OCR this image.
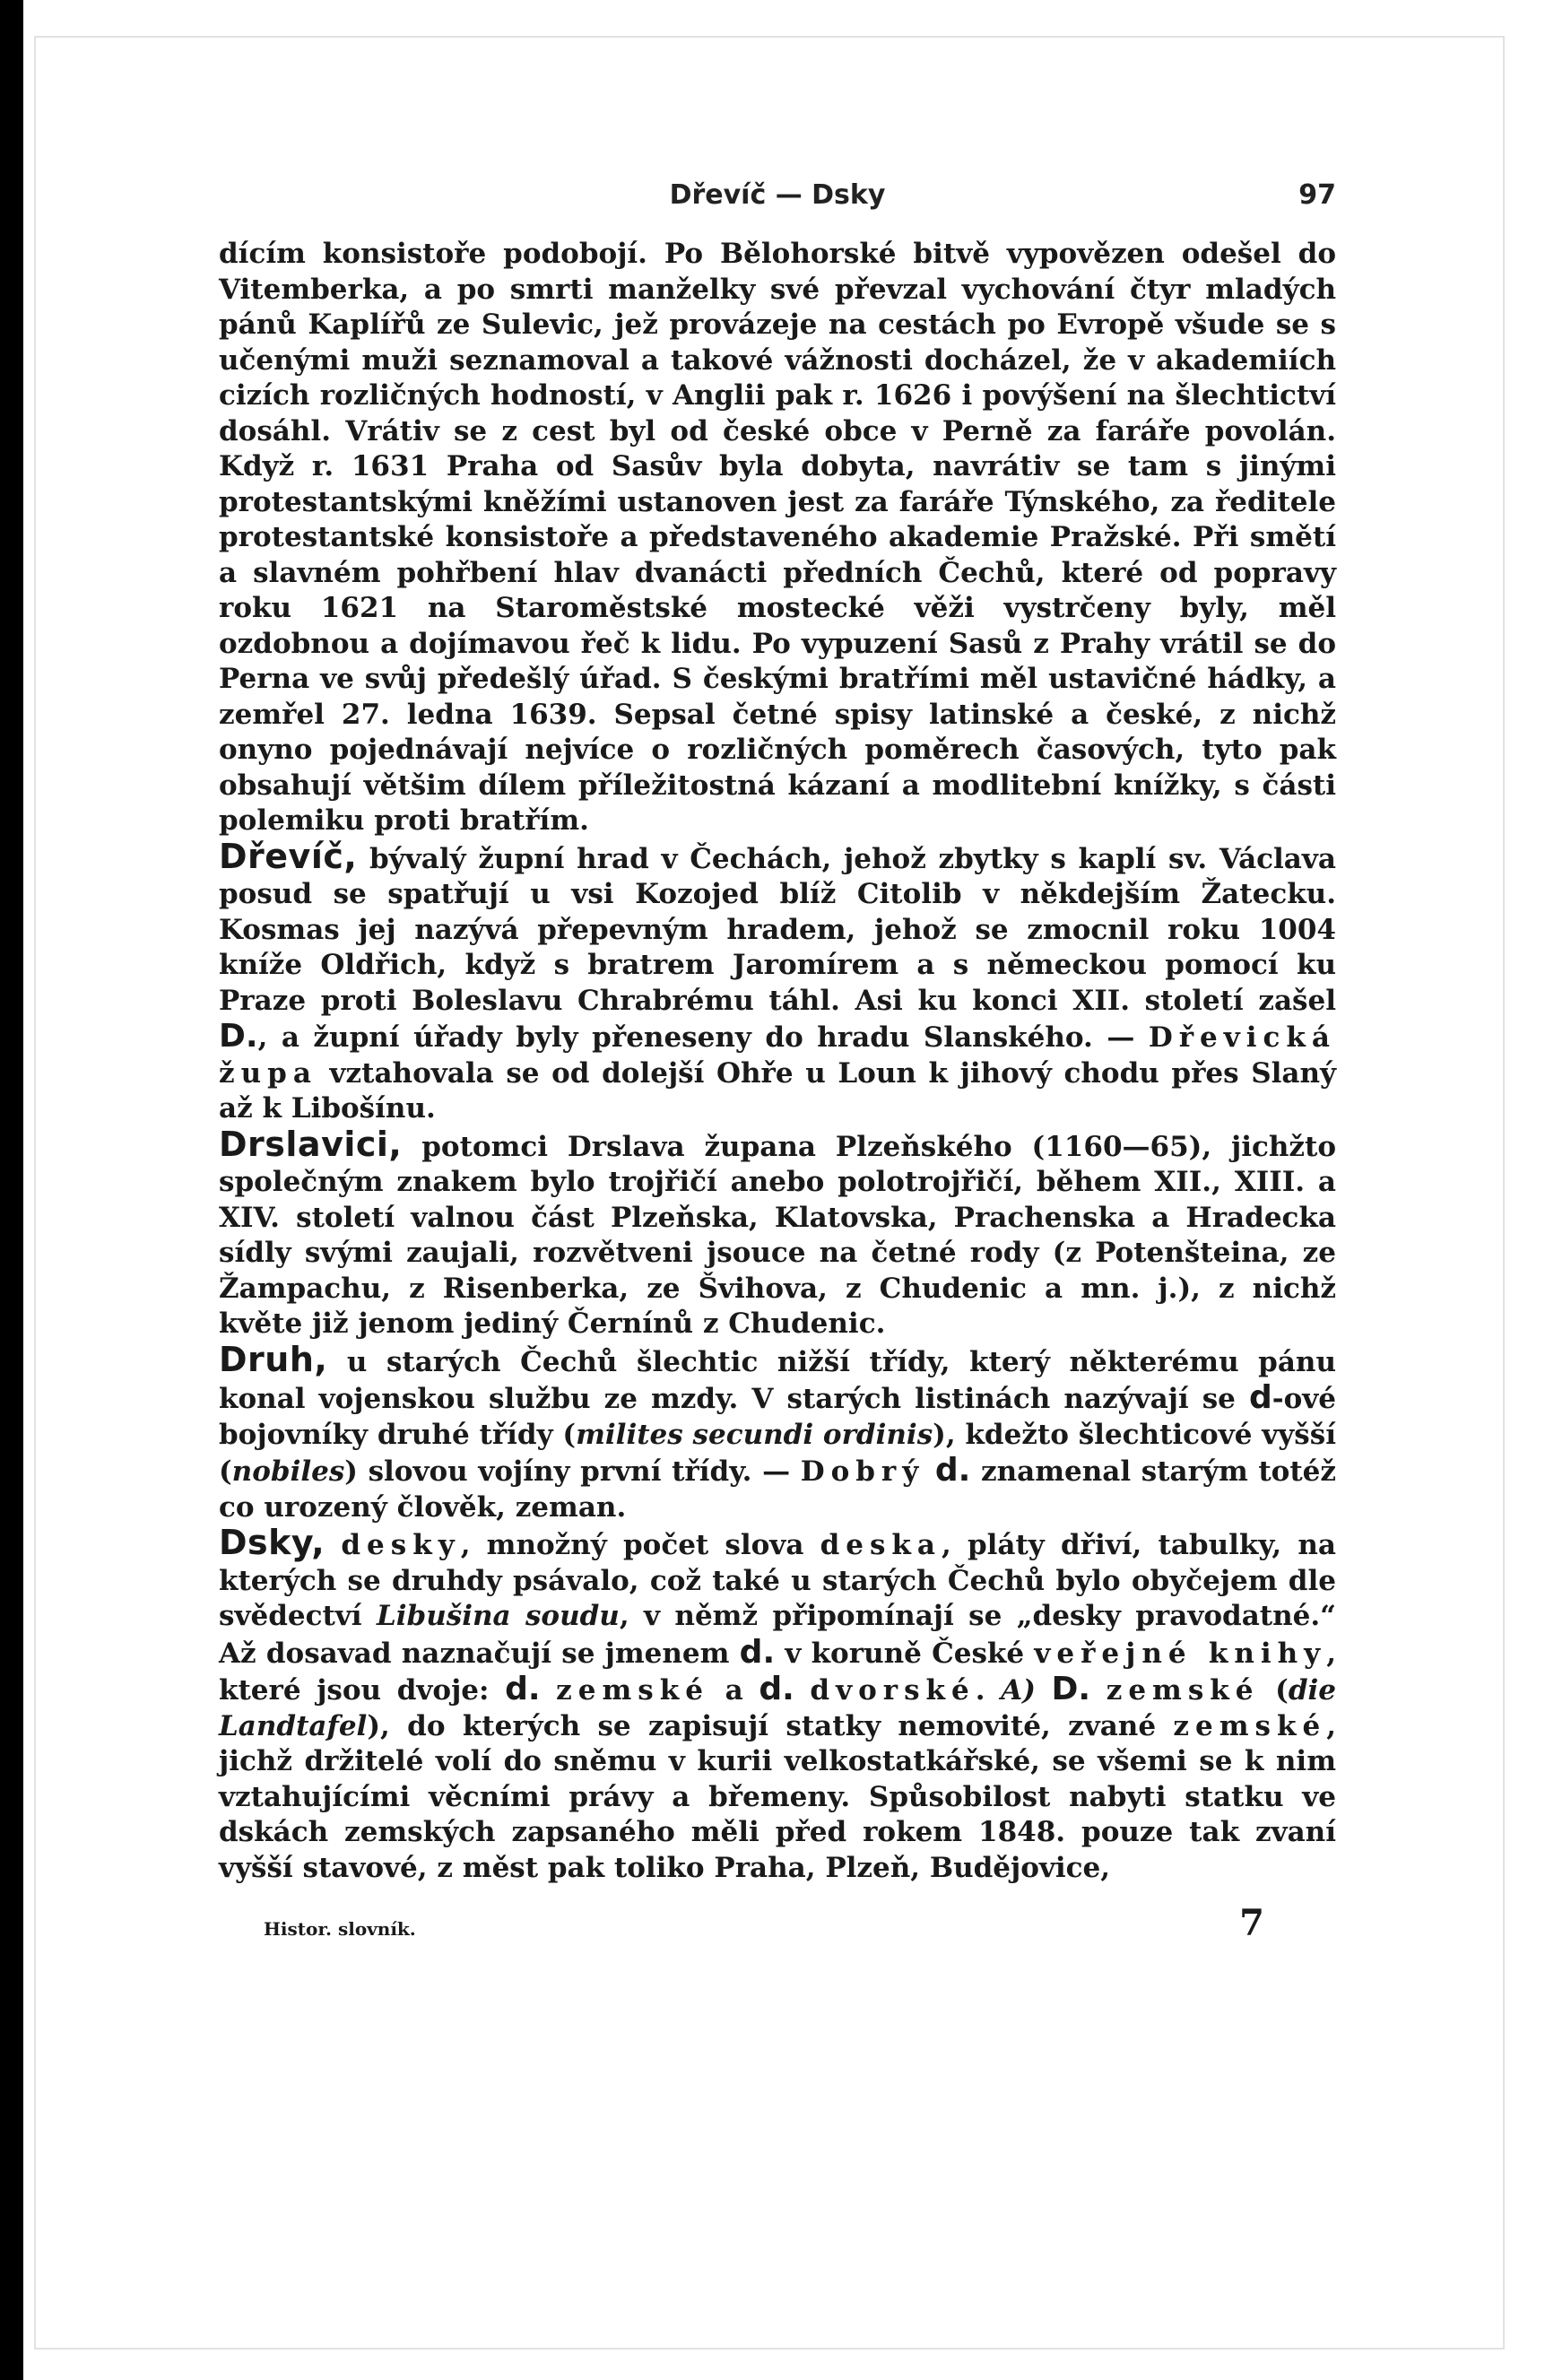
Dřevíč — Dsky	97

dícím konsistoře podobojí. Po Bělohorské bitvě vypovězen odešel do Vitemberka, a po smrti manželky své převzal vychování čtyr mladých pánů Kaplířů ze Sulevic, jež provázeje na cestách po Evropě všude se s učenými muži seznamoval a takové vážnosti docházel, že v akademiích cizích rozličných hodností, v Anglii pak r. 1626 i povýšení na šlechtictví dosáhl. Vrátiv se z cest byl od české obce v Perně za faráře povolán. Když r. 1631 Praha od Sasův byla dobyta, navrátiv se tam s jinými protestantskými kněžími ustanoven jest za faráře Týnského, za ředitele protestantské konsistoře a představeného akademie Pražské. Při smětí a slavném pohřbení hlav dvanácti předních Čechů, které od popravy roku 1621 na Staroměstské mostecké věži vystrčeny byly, měl ozdobnou a dojímavou řeč k lidu. Po vypuzení Sasů z Prahy vrátil se do Perna ve svůj předešlý úřad. S českými bratřími měl ustavičné hádky, a zemřel 27. ledna 1639. Sepsal četné spisy latinské a české, z nichž onyno pojednávají nejvíce o rozličných poměrech časových, tyto pak obsahují většim dílem příležitostná kázaní a modlitební knížky, s části polemiku proti bratřím.

Dřevíč, bývalý župní hrad v Čechách, jehož zbytky s kaplí sv. Václava posud se spatřují u vsi Kozojed blíž Citolib v někdejším Žatecku. Kosmas jej nazývá přepevným hradem, jehož se zmocnil roku 1004 kníže Oldřich, když s bratrem Jaromírem a s německou pomocí ku Praze proti Boleslavu Chrabrému táhl. Asi ku konci XII. století zašel D., a župní úřady byly přeneseny do hradu Slanského. — Dřevická župa vztahovala se od dolejší Ohře u Loun k jihový chodu přes Slaný až k Libošínu.

Drslavici, potomci Drslava župana Plzeňského (1160—65), jichžto společným znakem bylo trojřičí anebo polotrojřičí, během XII., XIII. a XIV. století valnou část Plzeňska, Klatovska, Prachenska a Hradecka sídly svými zaujali, rozvětveni jsouce na četné rody (z Potenšteina, ze Žampachu, z Risenberka, ze Švihova, z Chudenic a mn. j.), z nichž květe již jenom jediný Černínů z Chudenic.

Druh, u starých Čechů šlechtic nižší třídy, který některému pánu konal vojenskou službu ze mzdy. V starých listinách nazývají se d-ové bojovníky druhé třídy (milites secundi ordinis), kdežto šlechticové vyšší (nobiles) slovou vojíny první třídy. — Dobrý d. znamenal starým totéž co urozený člověk, zeman.

Dsky, desky, množný počet slova deska, pláty dřiví, tabulky, na kterých se druhdy psávalo, což také u starých Čechů bylo obyčejem dle svědectví Libušina soudu, v němž připomínají se „desky pravodatné.“ Až dosavad naznačují se jmenem d. v koruně České veřejné knihy, které jsou dvoje: d. zemské a d. dvorské. A) D. zemské (die Landtafel), do kterých se zapisují statky nemovité, zvané zemské, jichž držitelé volí do sněmu v kurii velkostatkářské, se všemi se k nim vztahujícími věcními právy a břemeny. Spůsobilost nabyti statku ve dskách zemských zapsaného měli před rokem 1848. pouze tak zvaní vyšší stavové, z měst pak toliko Praha, Plzeň, Budějovice,

Histor. slovník.	7
